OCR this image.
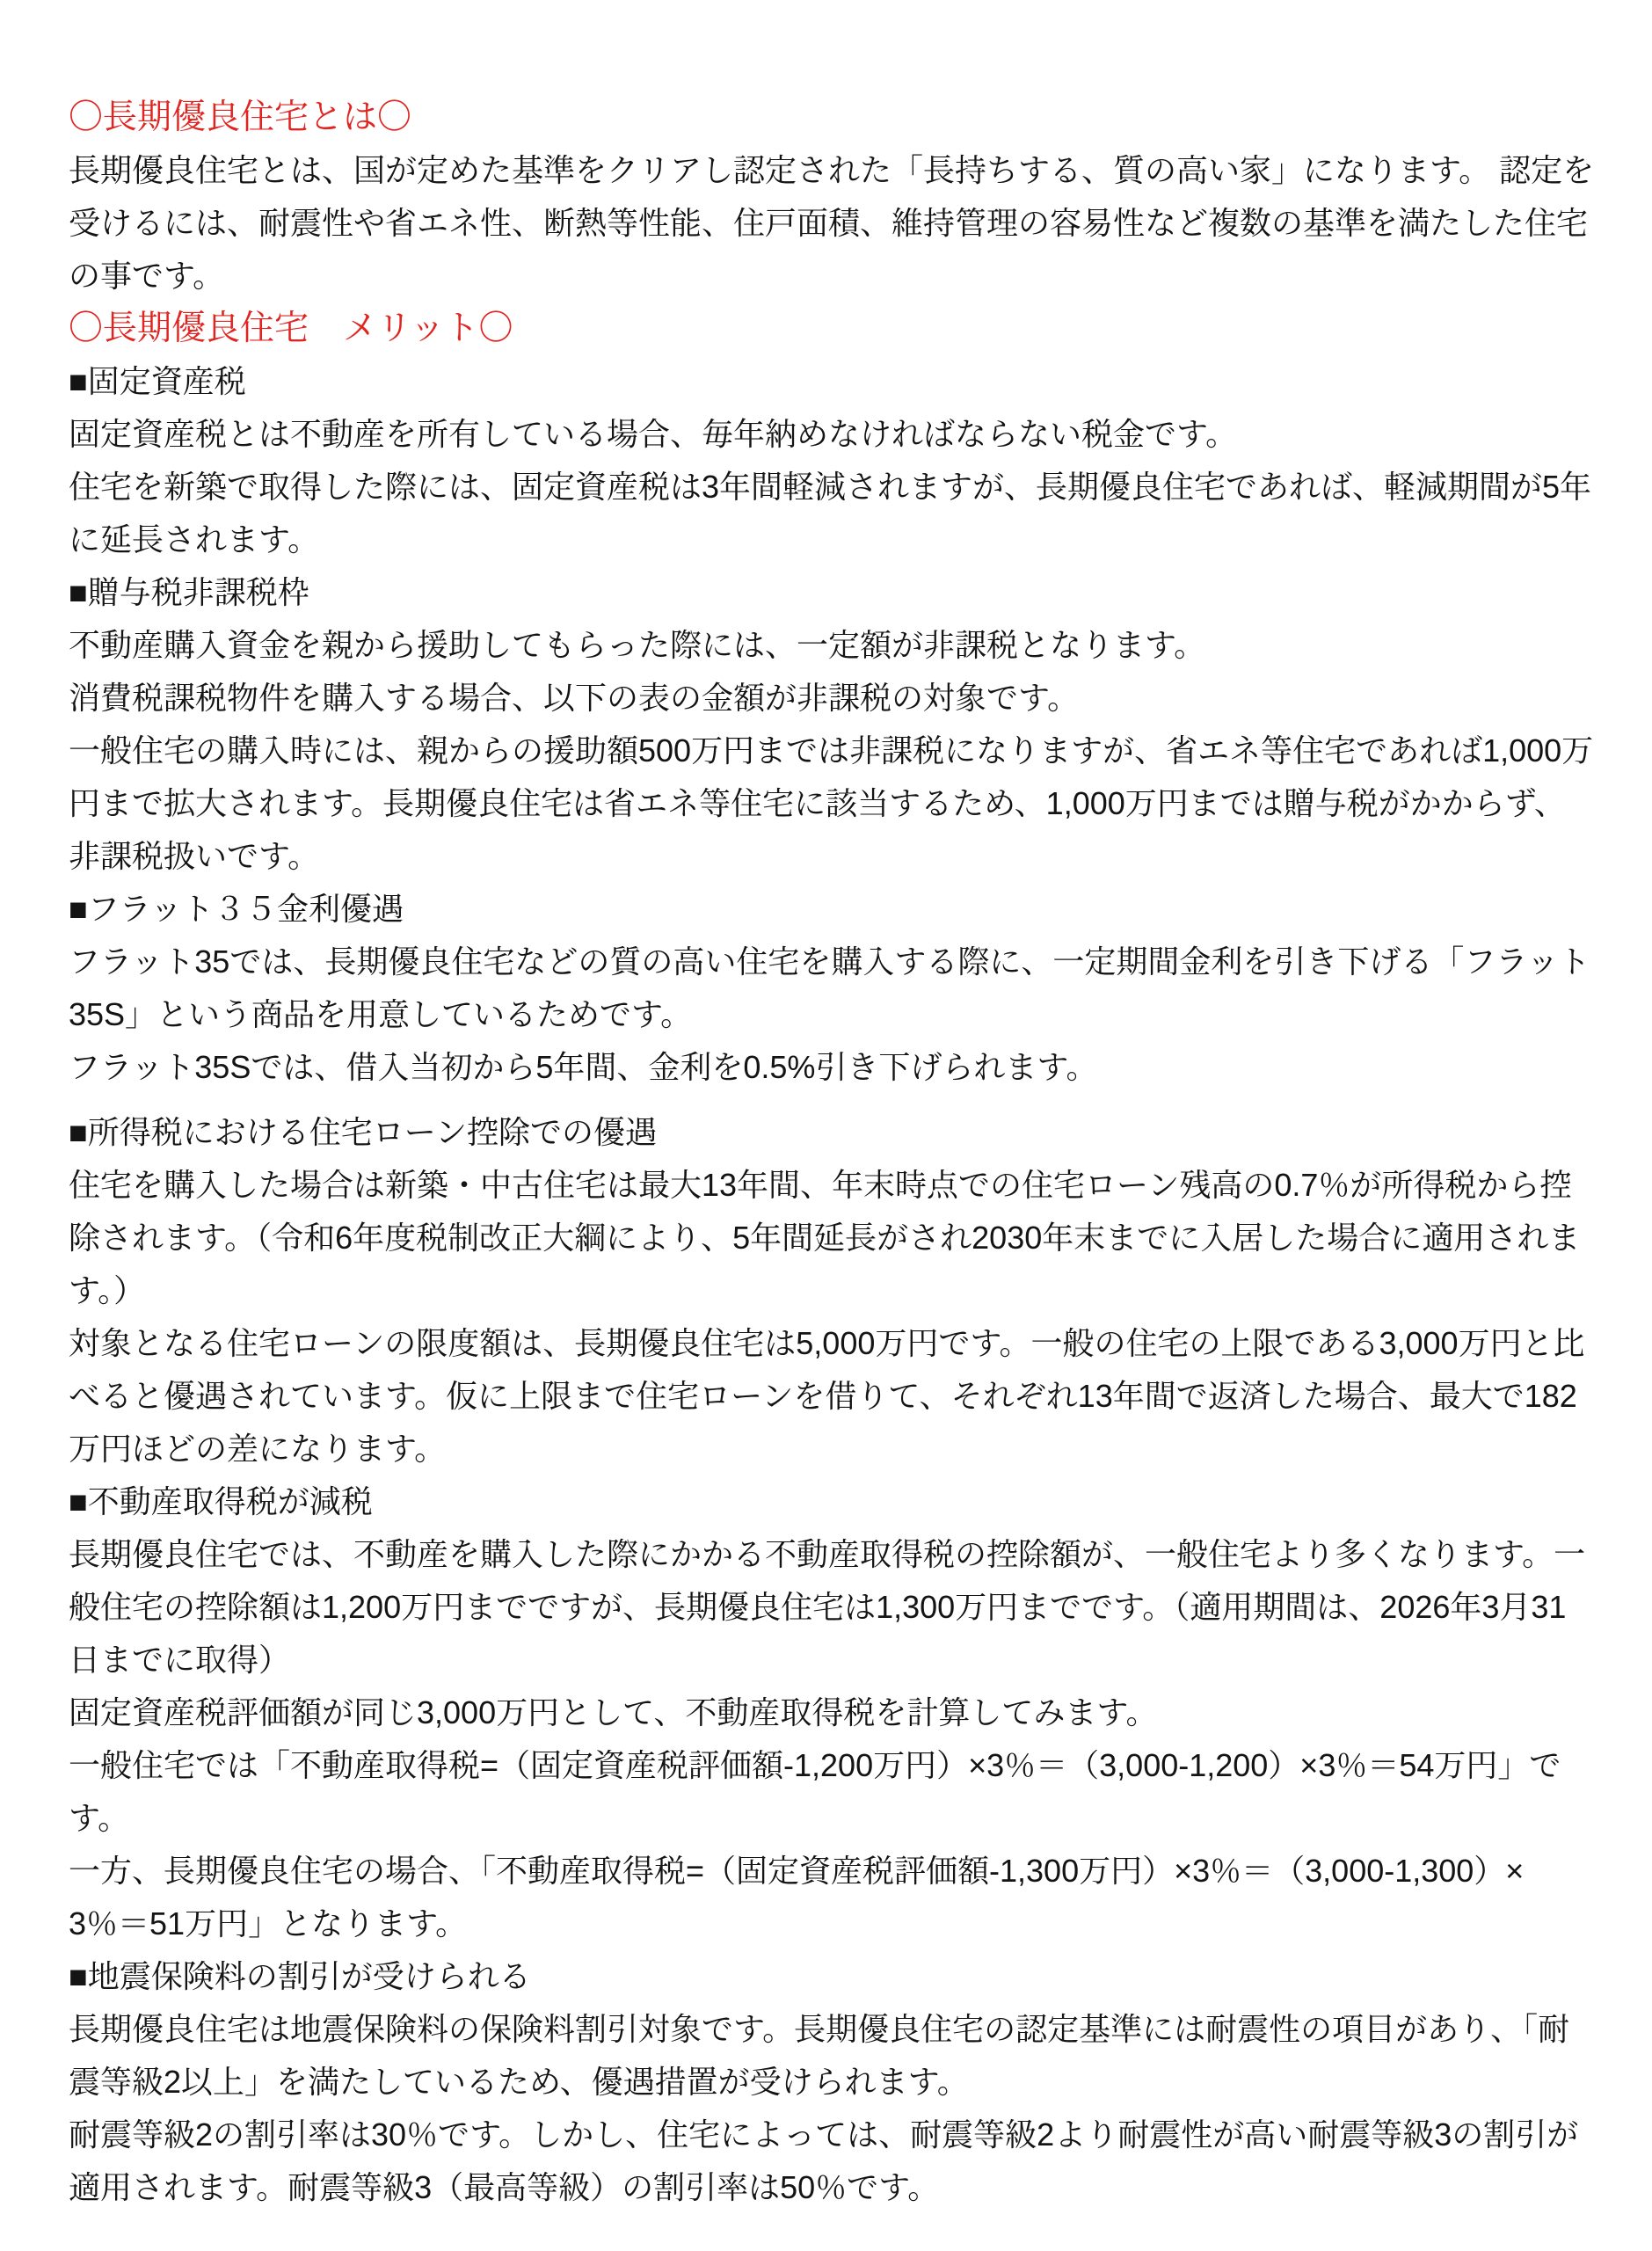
〇長期優良住宅とは〇
長期優良住宅とは、国が定めた基準をクリアし認定された「長持ちする、質の高い家」になります。 認定を
受けるには、耐震性や省エネ性、断熱等性能、住戸面積、維持管理の容易性など複数の基準を満たした住宅
の事です。
〇長期優良住宅　メリット〇
■固定資産税
固定資産税とは不動産を所有している場合、毎年納めなければならない税金です。
住宅を新築で取得した際には、固定資産税は3年間軽減されますが、長期優良住宅であれば、軽減期間が5年
に延長されます。
■贈与税非課税枠
不動産購入資金を親から援助してもらった際には、一定額が非課税となります。
消費税課税物件を購入する場合、以下の表の金額が非課税の対象です。
一般住宅の購入時には、親からの援助額500万円までは非課税になりますが、省エネ等住宅であれば1,000万
円まで拡大されます。長期優良住宅は省エネ等住宅に該当するため、1,000万円までは贈与税がかからず、
非課税扱いです。
■フラット３５金利優遇
フラット35では、長期優良住宅などの質の高い住宅を購入する際に、一定期間金利を引き下げる「フラット
35S」という商品を用意しているためです。
フラット35Sでは、借入当初から5年間、金利を0.5%引き下げられます。
■所得税における住宅ローン控除での優遇
住宅を購入した場合は新築・中古住宅は最大13年間、年末時点での住宅ローン残高の0.7％が所得税から控
除されます。（令和6年度税制改正大綱により、5年間延長がされ2030年末までに入居した場合に適用されま
す。）
対象となる住宅ローンの限度額は、長期優良住宅は5,000万円です。一般の住宅の上限である3,000万円と比
べると優遇されています。仮に上限まで住宅ローンを借りて、それぞれ13年間で返済した場合、最大で182
万円ほどの差になります。
■不動産取得税が減税
長期優良住宅では、不動産を購入した際にかかる不動産取得税の控除額が、一般住宅より多くなります。一
般住宅の控除額は1,200万円までですが、長期優良住宅は1,300万円までです。（適用期間は、2026年3月31
日までに取得）
固定資産税評価額が同じ3,000万円として、不動産取得税を計算してみます。
一般住宅では「不動産取得税=（固定資産税評価額-1,200万円）×3％＝（3,000-1,200）×3％＝54万円」で
す。
一方、長期優良住宅の場合、「不動産取得税=（固定資産税評価額-1,300万円）×3％＝（3,000-1,300）×
3％＝51万円」となります。
■地震保険料の割引が受けられる
長期優良住宅は地震保険料の保険料割引対象です。長期優良住宅の認定基準には耐震性の項目があり、「耐
震等級2以上」を満たしているため、優遇措置が受けられます。
耐震等級2の割引率は30％です。しかし、住宅によっては、耐震等級2より耐震性が高い耐震等級3の割引が
適用されます。耐震等級3（最高等級）の割引率は50％です。
